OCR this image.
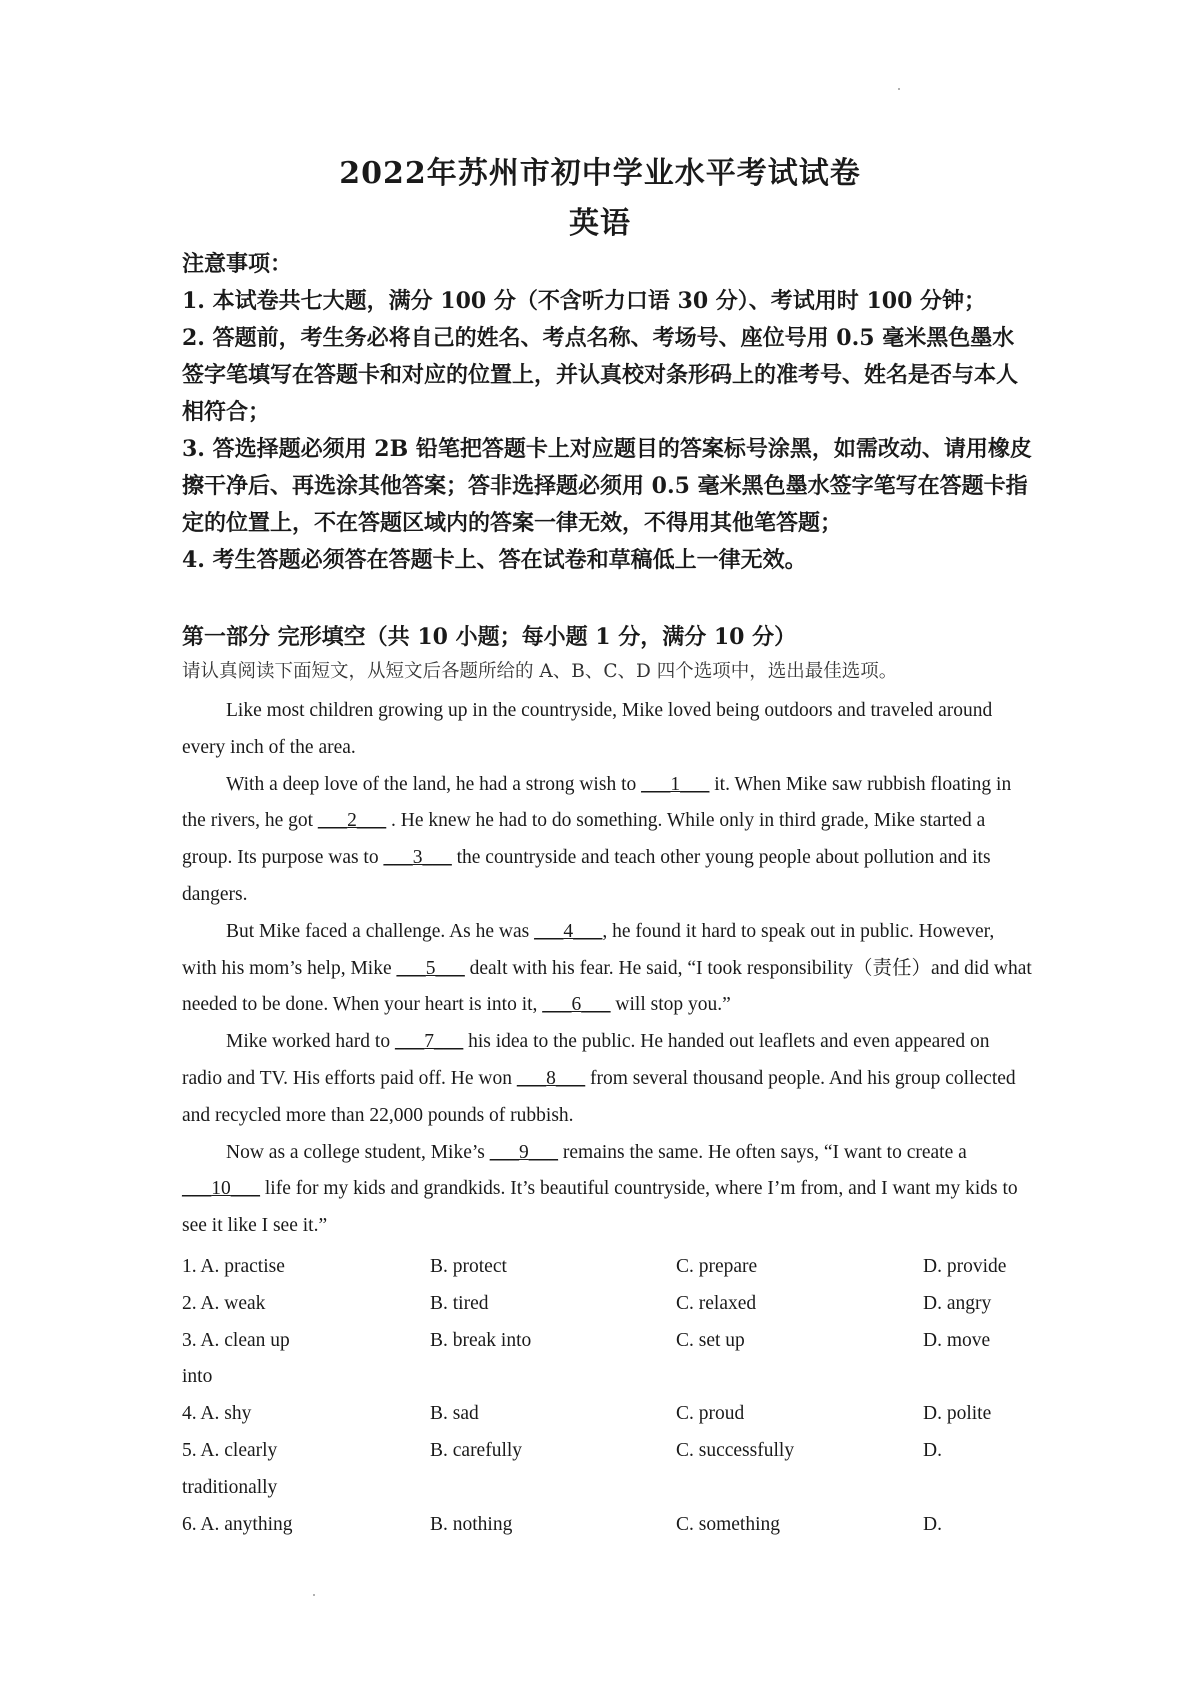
2022年苏州市初中学业水平考试试卷
英语

注意事项：

1. 本试卷共七大题，满分 100 分（不含听力口语 30 分）、考试用时 100 分钟；

2. 答题前，考生务必将自己的姓名、考点名称、考场号、座位号用 0.5 毫米黑色墨水签字笔填写在答题卡和对应的位置上，并认真校对条形码上的准考号、姓名是否与本人相符合；

3. 答选择题必须用 2B 铅笔把答题卡上对应题目的答案标号涂黑，如需改动、请用橡皮擦干净后、再选涂其他答案；答非选择题必须用 0.5 毫米黑色墨水签字笔写在答题卡指定的位置上，不在答题区域内的答案一律无效，不得用其他笔答题；

4. 考生答题必须答在答题卡上、答在试卷和草稿低上一律无效。

第一部分 完形填空（共 10 小题；每小题 1 分，满分 10 分）

请认真阅读下面短文，从短文后各题所给的 A、B、C、D 四个选项中，选出最佳选项。

Like most children growing up in the countryside, Mike loved being outdoors and traveled around every inch of the area.

With a deep love of the land, he had a strong wish to ___1___ it. When Mike saw rubbish floating in the rivers, he got ___2___ . He knew he had to do something. While only in third grade, Mike started a group. Its purpose was to ___3___ the countryside and teach other young people about pollution and its dangers.

But Mike faced a challenge. As he was ___4___, he found it hard to speak out in public. However, with his mom’s help, Mike ___5___ dealt with his fear. He said, “I took responsibility（责任）and did what needed to be done. When your heart is into it, ___6___ will stop you.”

Mike worked hard to ___7___ his idea to the public. He handed out leaflets and even appeared on radio and TV. His efforts paid off. He won ___8___ from several thousand people. And his group collected and recycled more than 22,000 pounds of rubbish.

Now as a college student, Mike’s ___9___ remains the same. He often says, “I want to create a ___10___ life for my kids and grandkids. It’s beautiful countryside, where I’m from, and I want my kids to see it like I see it.”

1. A. practise	B. protect	C. prepare	D. provide
2. A. weak	B. tired	C. relaxed	D. angry
3. A. clean up	B. break into	C. set up	D. move
into
4. A. shy	B. sad	C. proud	D. polite
5. A. clearly	B. carefully	C. successfully	D.
traditionally
6. A. anything	B. nothing	C. something	D.
